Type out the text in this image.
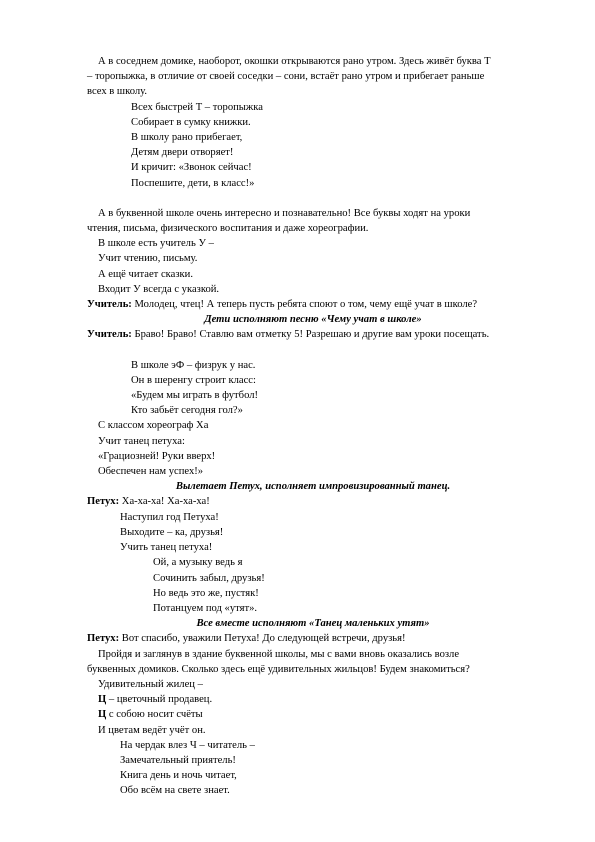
А в соседнем домике, наоборот, окошки открываются рано утром. Здесь живёт буква Т

– торопыжка, в отличие от своей соседки – сони, встаёт рано утром и прибегает раньше

всех в школу.

Всех быстрей Т – торопыжка

Собирает в сумку книжки.

В школу рано прибегает,

Детям двери отворяет!

И кричит: «Звонок сейчас!

Поспешите, дети, в класс!»

А в буквенной школе очень интересно и познавательно! Все буквы ходят на уроки

чтения, письма, физического воспитания и даже хореографии.

В школе есть учитель У –

Учит чтению, письму.

А ещё читает сказки.

Входит У всегда с указкой.

Учитель: Молодец, чтец! А теперь пусть ребята споют о том, чему ещё учат в школе?

Дети исполняют песню «Чему учат в школе»

Учитель: Браво! Браво! Ставлю вам отметку 5! Разрешаю и другие вам уроки посещать.

В школе эФ – физрук у нас.

Он в шеренгу строит класс:

«Будем мы играть в футбол!

Кто забьёт сегодня гол?»

С классом хореограф Ха

Учит танец петуха:

«Грациозней! Руки вверх!

Обеспечен нам успех!»

Вылетает Петух, исполняет импровизированный танец.

Петух: Ха-ха-ха! Ха-ха-ха!

Наступил год Петуха!

Выходите – ка, друзья!

Учить танец петуха!

Ой, а музыку ведь я

Сочинить забыл, друзья!

Но ведь это же, пустяк!

Потанцуем под «утят».

Все вместе исполняют «Танец маленьких утят»

Петух: Вот спасибо, уважили Петуха! До следующей встречи, друзья!

Пройдя и заглянув в здание буквенной школы, мы с вами вновь оказались возле

буквенных домиков. Сколько здесь ещё удивительных жильцов! Будем знакомиться?

Удивительный жилец –

Ц – цветочный продавец.

Ц с собою носит счёты

И цветам ведёт учёт он.

На чердак влез Ч – читатель –

Замечательный приятель!

Книга день и ночь читает,

Обо всём на свете знает.
